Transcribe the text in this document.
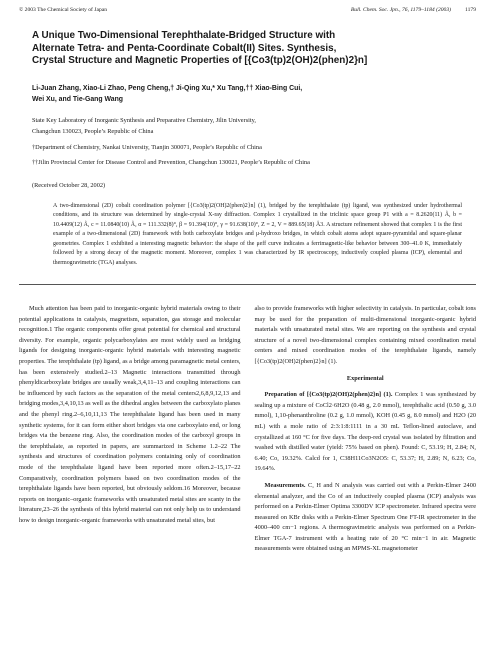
© 2003 The Chemical Society of Japan	Bull. Chem. Soc. Jpn., 76, 1179–1184 (2003)	1179

A Unique Two-Dimensional Terephthalate-Bridged Structure with

Alternate Tetra- and Penta-Coordinate Cobalt(II) Sites. Synthesis,

Crystal Structure and Magnetic Properties of [{Co3(tp)2(OH)2(phen)2}n]

Li-Juan Zhang, Xiao-Li Zhao, Peng Cheng,† Ji-Qing Xu,* Xu Tang,†† Xiao-Bing Cui,

Wei Xu, and Tie-Gang Wang

State Key Laboratory of Inorganic Synthesis and Preparative Chemistry, Jilin University,

Changchun 130023, People’s Republic of China

†Department of Chemistry, Nankai University, Tianjin 300071, People’s Republic of China

††Jilin Provincial Center for Disease Control and Prevention, Changchun 130021, People’s Republic of China

(Received October 28, 2002)
A two-dimensional (2D) cobalt coordination polymer [{Co3(tp)2(OH)2(phen)2}n] (1), bridged by the terephthalate (tp) ligand, was synthesized under hydrothermal conditions, and its structure was determined by single-crystal X-ray diffraction. Complex 1 crystallized in the triclinic space group P1 with a = 8.2620(11) Å, b = 10.4409(12) Å, c = 11.0840(10) Å, α = 111.332(8)°, β = 91.394(10)°, γ = 91.638(10)°, Z = 2, V = 889.65(18) Å3. A structure refinement showed that complex 1 is the first example of a two-dimensional (2D) framework with both carboxylate bridges and μ-hydroxo bridges, in which cobalt atoms adopt square-pyramidal and square-planar geometries. Complex 1 exhibited a interesting magnetic behavior: the shape of the μeff curve indicates a ferrimagnetic-like behavior between 300–41.0 K, immediately followed by a strong decay of the magnetic moment. Moreover, complex 1 was characterized by IR spectroscopy, inductively coupled plasma (ICP), elemental and thermogravimetric (TGA) analyses.

Much attention has been paid to inorganic-organic hybrid materials owing to their potential applications in catalysis, magnetism, separation, gas storage and molecular recognition.1 The organic components offer great potential for chemical and structural diversity. For example, organic polycarboxylates are most widely used as bridging ligands for designing inorganic-organic hybrid materials with interesting magnetic properties. The terephthalate (tp) ligand, as a bridge among paramagnetic metal centers, has been extensively studied.2–13 Magnetic interactions transmitted through phenyldicarboxylate bridges are usually weak,3,4,11–13 and coupling interactions can be influenced by such factors as the separation of the metal centers2,6,8,9,12,13 and bridging modes,3,4,10,13 as well as the dihedral angles between the carboxylato planes and the phenyl ring.2–6,10,11,13 The terephthalate ligand has been used in many synthetic systems, for it can form either short bridges via one carboxylato end, or long bridges via the benzene ring. Also, the coordination modes of the carboxyl groups in the terephthalate, as reported in papers, are summarized in Scheme 1.2–22 The synthesis and structures of coordination polymers containing only of coordination mode of the terephthalate ligand have been reported more often.2–15,17–22 Comparatively, coordination polymers based on two coordination modes of the terephthalate ligands have been reported, but obviously seldom.16 Moreover, because reports on inorganic–organic frameworks with unsaturated metal sites are scanty in the literature,23–26 the synthesis of this hybrid material can not only help us to understand how to design inorganic-organic frameworks with unsaturated metal sites, but

also to provide frameworks with higher selectivity in catalysis. In particular, cobalt ions may be used for the preparation of multi-dimensional inorganic-organic hybrid materials with unsaturated metal sites. We are reporting on the synthesis and crystal structure of a novel two-dimensional complex containing mixed coordination metal centers and mixed coordination modes of the terephthalate ligands, namely [{Co3(tp)2(OH)2(phen)2}n] (1).

Experimental

Preparation of [{Co3(tp)2(OH)2(phen)2}n] (1). Complex 1 was synthesized by sealing up a mixture of CoCl2·6H2O (0.48 g, 2.0 mmol), terephthalic acid (0.50 g, 3.0 mmol), 1,10-phenanthroline (0.2 g, 1.0 mmol), KOH (0.45 g, 8.0 mmol) and H2O (20 mL) with a mole ratio of 2:3:1:8:1111 in a 30 mL Teflon-lined autoclave, and crystallized at 160 °C for five days. The deep-red crystal was isolated by filtration and washed with distilled water (yield: 75% based on phen). Found: C, 53.19; H, 2.84; N, 6.40; Co, 19.32%. Calcd for 1, C38H11Co3N2O5: C, 53.37; H, 2.89; N, 6.23; Co, 19.64%.

Measurements. C, H and N analysis was carried out with a Perkin-Elmer 2400 elemental analyzer, and the Co of an inductively coupled plasma (ICP) analysis was performed on a Perkin-Elmer Optima 3300DV ICP spectrometer. Infrared spectra were measured on KBr disks with a Perkin-Elmer Spectrum One FT-IR spectrometer in the 4000–400 cm−1 regions. A thermogravimetric analysis was performed on a Perkin-Elmer TGA-7 instrument with a heating rate of 20 °C min−1 in air. Magnetic measurements were obtained using an MPMS-XL magnetometer
